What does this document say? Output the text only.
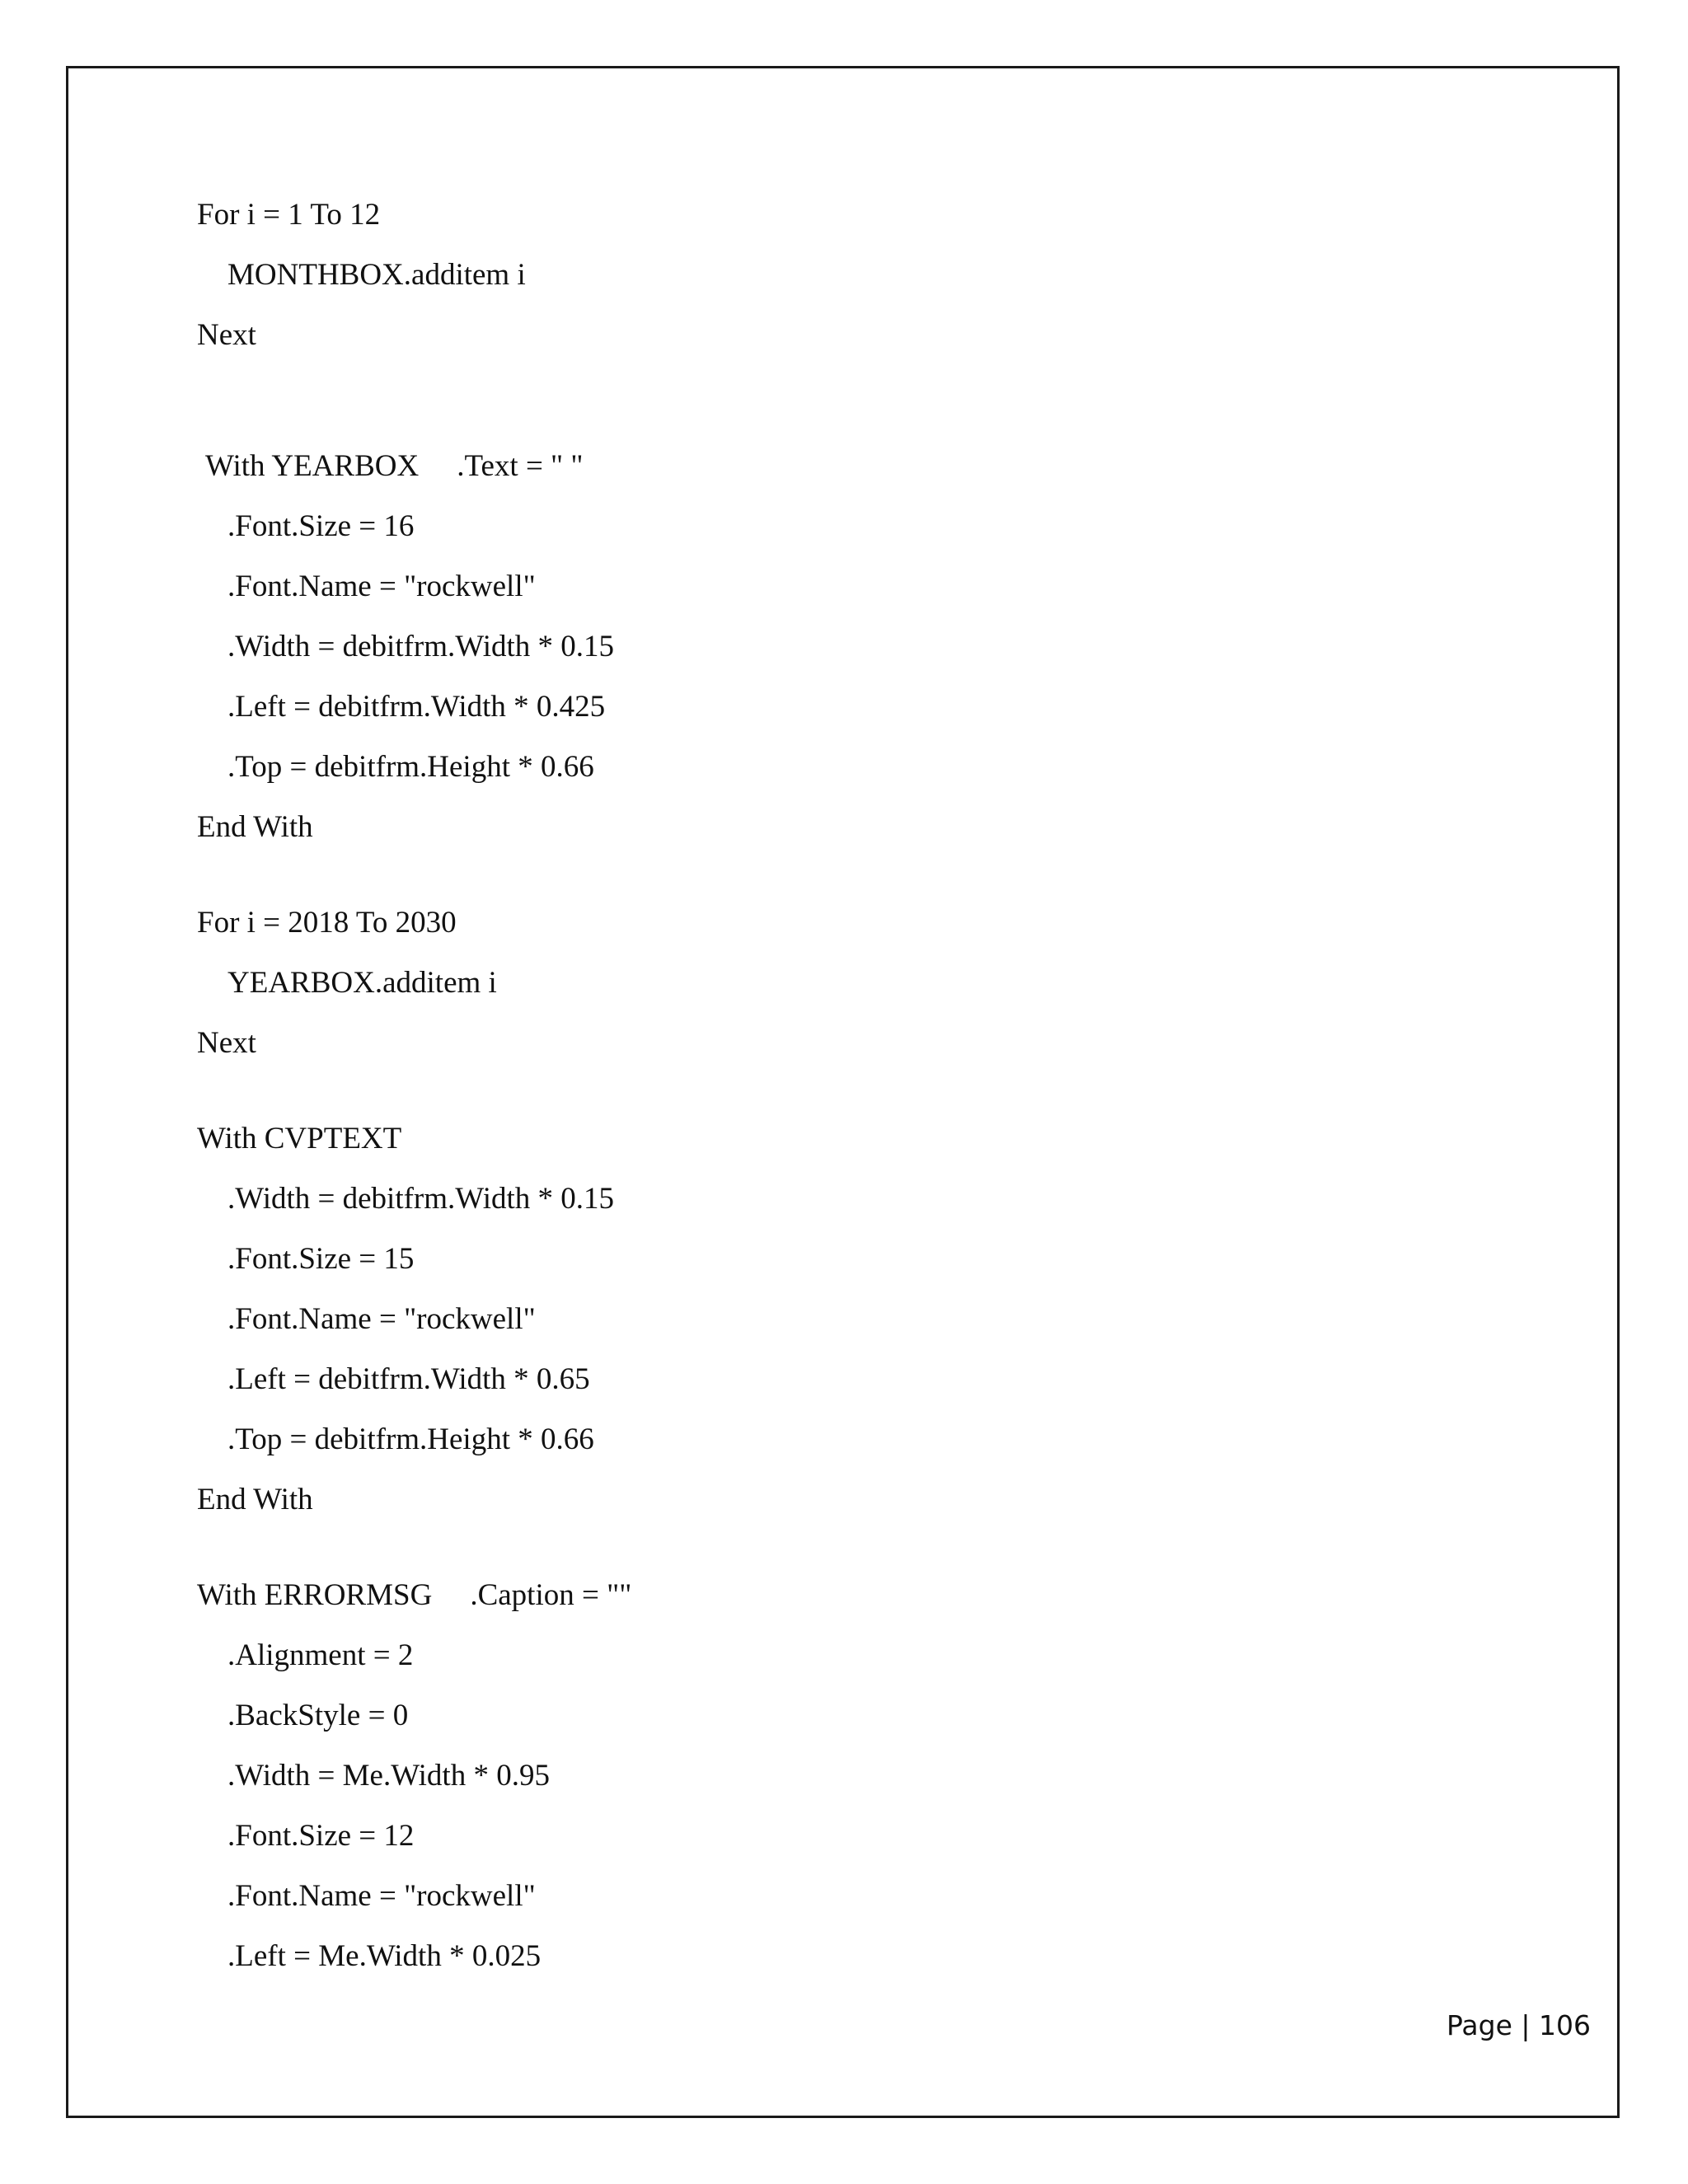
For i = 1 To 12
MONTHBOX.additem i
Next
With YEARBOX .Text = " "
.Font.Size = 16
.Font.Name = "rockwell"
.Width = debitfrm.Width * 0.15
.Left = debitfrm.Width * 0.425
.Top = debitfrm.Height * 0.66
End With
For i = 2018 To 2030
YEARBOX.additem i
Next
With CVPTEXT
.Width = debitfrm.Width * 0.15
.Font.Size = 15
.Font.Name = "rockwell"
.Left = debitfrm.Width * 0.65
.Top = debitfrm.Height * 0.66
End With
With ERRORMSG .Caption = ""
.Alignment = 2
.BackStyle = 0
.Width = Me.Width * 0.95
.Font.Size = 12
.Font.Name = "rockwell"
.Left = Me.Width * 0.025
Page | 106
